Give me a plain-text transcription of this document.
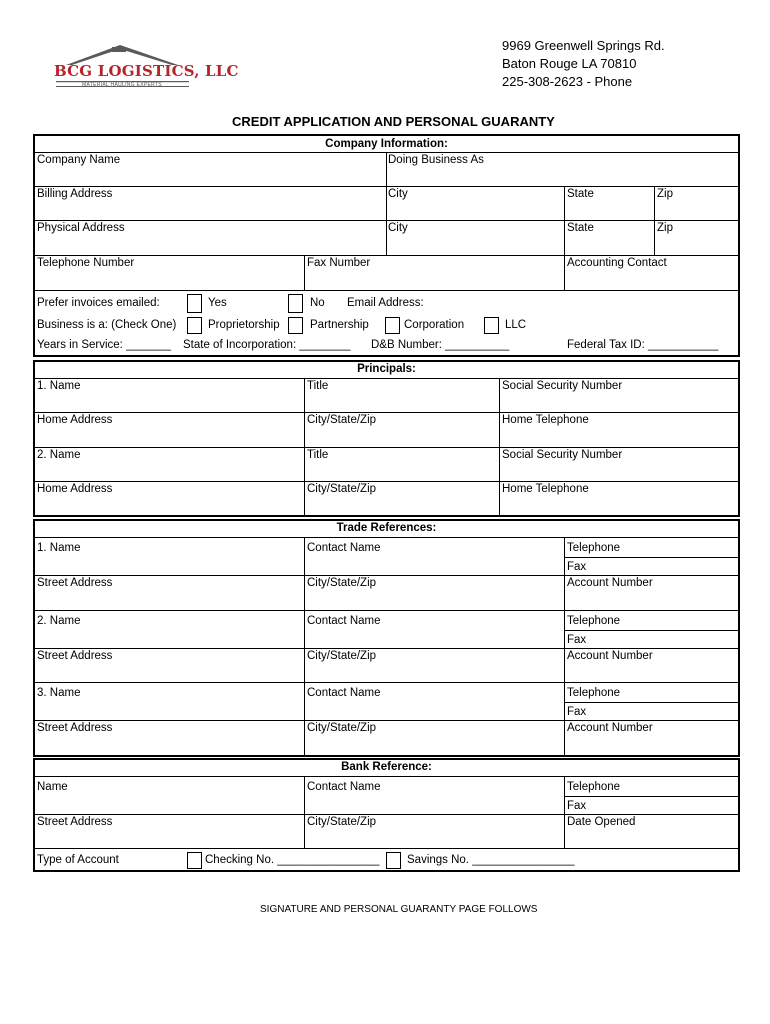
BCG LOGISTICS, LLC
MATERIAL HAULING EXPERTS
9969 Greenwell Springs Rd.
Baton Rouge LA 70810
225-308-2623 - Phone
CREDIT APPLICATION AND PERSONAL GUARANTY
Company Information:
Company Name	Doing Business As
Billing Address	City	State	Zip
Physical Address	City	State	Zip
Telephone Number	Fax Number	Accounting Contact
Prefer invoices emailed:	Yes	No Email Address:
Business is a: (Check One)	Proprietorship	Partnership	Corporation	LLC
Years in Service: _______ State of Incorporation: ________ D&B Number: __________	Federal Tax ID: ___________
Principals:
1. Name	Title	Social Security Number
Home Address	City/State/Zip	Home Telephone
2. Name	Title	Social Security Number
Home Address	City/State/Zip	Home Telephone
Trade References:
1. Name	Contact Name	Telephone
Fax
Street Address	City/State/Zip	Account Number
2. Name	Contact Name	Telephone
Fax
Street Address	City/State/Zip	Account Number
3. Name	Contact Name	Telephone
Fax
Street Address	City/State/Zip	Account Number
Bank Reference:
Name	Contact Name	Telephone
Fax
Street Address	City/State/Zip	Date Opened
Type of Account	Checking No. ________________ Savings No. ________________
SIGNATURE AND PERSONAL GUARANTY PAGE FOLLOWS
